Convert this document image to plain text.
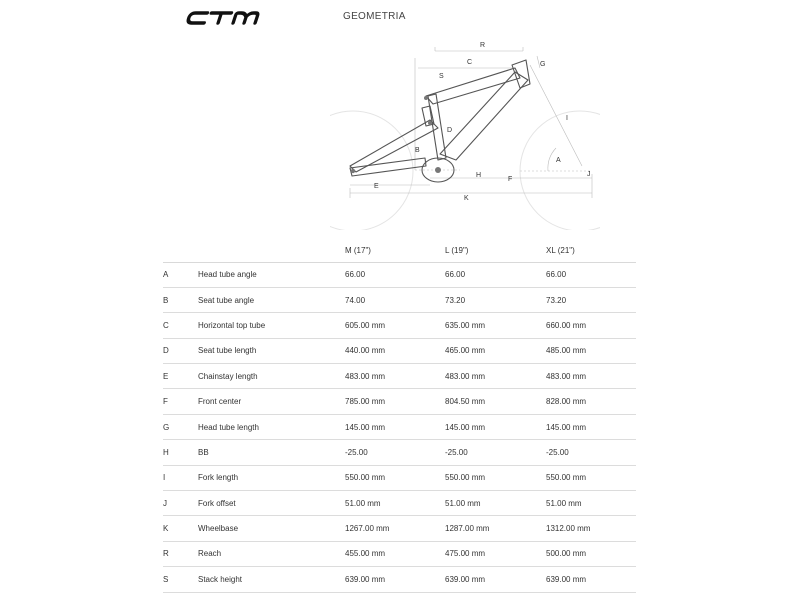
GEOMETRIA
R
C
S
G
I
D
A
B
J
H
F
E
K
		M (17")	L (19")	XL (21")
A	Head tube angle	66.00	66.00	66.00
B	Seat tube angle	74.00	73.20	73.20
C	Horizontal top tube	605.00 mm	635.00 mm	660.00 mm
D	Seat tube length	440.00 mm	465.00 mm	485.00 mm
E	Chainstay length	483.00 mm	483.00 mm	483.00 mm
F	Front center	785.00 mm	804.50 mm	828.00 mm
G	Head tube length	145.00 mm	145.00 mm	145.00 mm
H	BB	-25.00	-25.00	-25.00
I	Fork length	550.00 mm	550.00 mm	550.00 mm
J	Fork offset	51.00 mm	51.00 mm	51.00 mm
K	Wheelbase	1267.00 mm	1287.00 mm	1312.00 mm
R	Reach	455.00 mm	475.00 mm	500.00 mm
S	Stack height	639.00 mm	639.00 mm	639.00 mm
